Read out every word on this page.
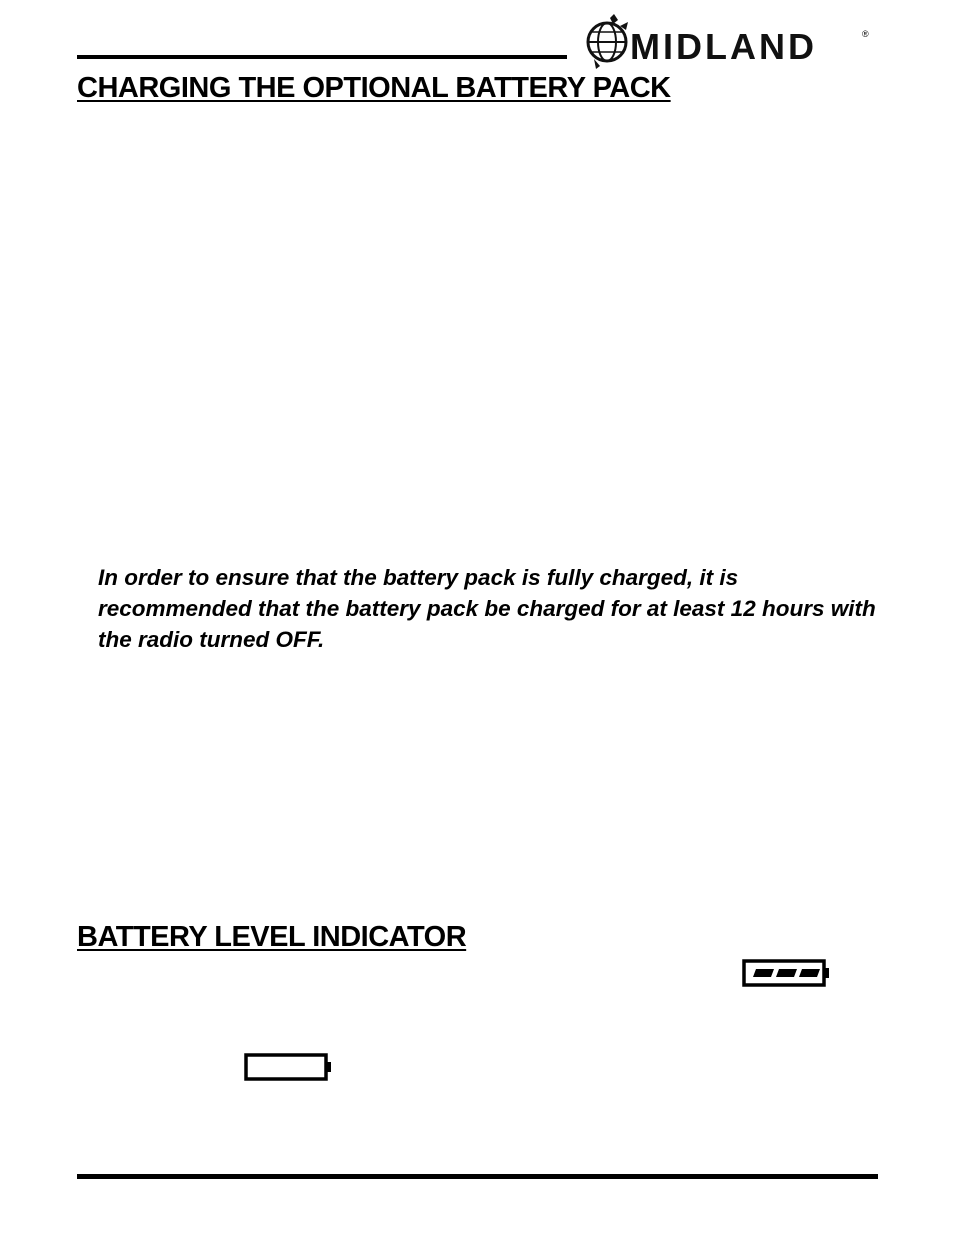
MIDLAND	®
CHARGING THE OPTIONAL BATTERY PACK

In order to ensure that the battery pack is fully charged, it is recommended that the battery pack be charged for at least 12 hours with the radio turned OFF.

BATTERY LEVEL INDICATOR
